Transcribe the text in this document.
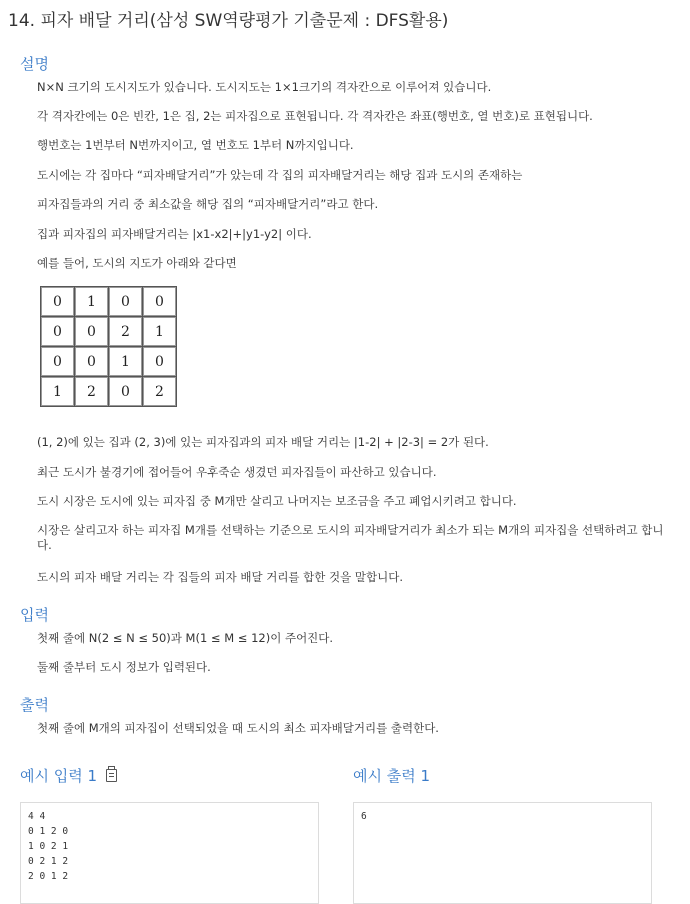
14. 피자 배달 거리(삼성 SW역량평가 기출문제 : DFS활용)
설명

N×N 크기의 도시지도가 있습니다. 도시지도는 1×1크기의 격자칸으로 이루어져 있습니다.

각 격자칸에는 0은 빈칸, 1은 집, 2는 피자집으로 표현됩니다. 각 격자칸은 좌표(행번호, 열 번호)로 표현됩니다.

행번호는 1번부터 N번까지이고, 열 번호도 1부터 N까지입니다.

도시에는 각 집마다 “피자배달거리”가 았는데 각 집의 피자배달거리는 해당 집과 도시의 존재하는

피자집들과의 거리 중 최소값을 해당 집의 “피자배달거리”라고 한다.

집과 피자집의 피자배달거리는 |x1-x2|+|y1-y2| 이다.

예를 들어, 도시의 지도가 아래와 같다면

0	1	0	0
0	0	2	1
0	0	1	0
1	2	0	2

(1, 2)에 있는 집과 (2, 3)에 있는 피자집과의 피자 배달 거리는 |1-2| + |2-3| = 2가 된다.

최근 도시가 불경기에 접어들어 우후죽순 생겼던 피자집들이 파산하고 있습니다.

도시 시장은 도시에 있는 피자집 중 M개만 살리고 나머지는 보조금을 주고 폐업시키려고 합니다.

시장은 살리고자 하는 피자집 M개를 선택하는 기준으로 도시의 피자배달거리가 최소가 되는 M개의 피자집을 선택하려고 합니다.

도시의 피자 배달 거리는 각 집들의 피자 배달 거리를 합한 것을 말합니다.

입력

첫째 줄에 N(2 ≤ N ≤ 50)과 M(1 ≤ M ≤ 12)이 주어진다.

둘째 줄부터 도시 정보가 입력된다.

출력

첫째 줄에 M개의 피자집이 선택되었을 때 도시의 최소 피자배달거리를 출력한다.

예시 입력 1	예시 출력 1
4 4
0 1 2 0
1 0 2 1
0 2 1 2
2 0 1 2
6
